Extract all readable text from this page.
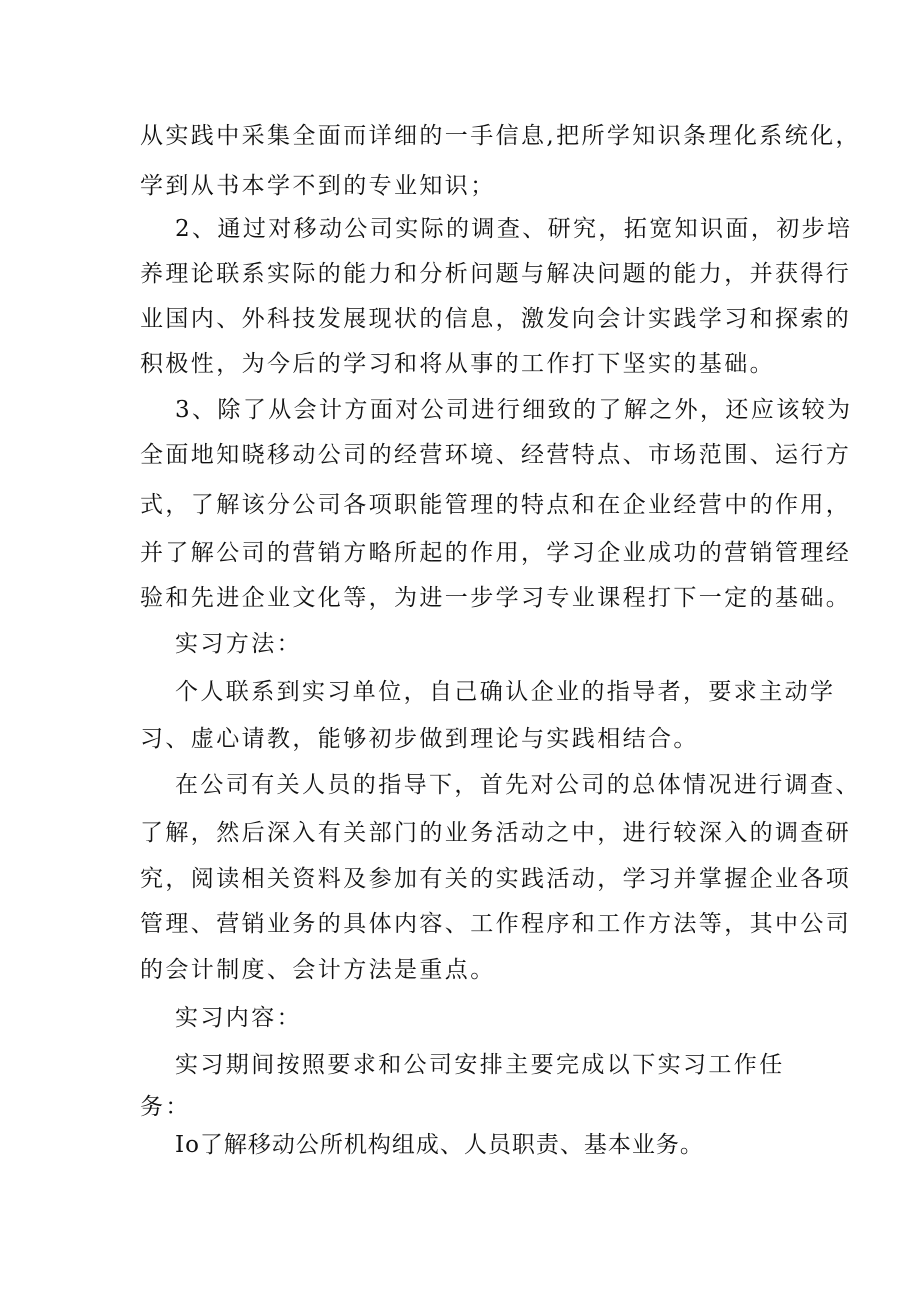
从实践中采集全面而详细的一手信息,把所学知识条理化系统化，
学到从书本学不到的专业知识；
2、通过对移动公司实际的调查、研究，拓宽知识面，初步培
养理论联系实际的能力和分析问题与解决问题的能力，并获得行
业国内、外科技发展现状的信息，激发向会计实践学习和探索的
积极性，为今后的学习和将从事的工作打下坚实的基础。
3、除了从会计方面对公司进行细致的了解之外，还应该较为
全面地知晓移动公司的经营环境、经营特点、市场范围、运行方
式，了解该分公司各项职能管理的特点和在企业经营中的作用，
并了解公司的营销方略所起的作用，学习企业成功的营销管理经
验和先进企业文化等，为进一步学习专业课程打下一定的基础。
实习方法：
个人联系到实习单位，自己确认企业的指导者，要求主动学
习、虚心请教，能够初步做到理论与实践相结合。
在公司有关人员的指导下，首先对公司的总体情况进行调查、
了解，然后深入有关部门的业务活动之中，进行较深入的调查研
究，阅读相关资料及参加有关的实践活动，学习并掌握企业各项
管理、营销业务的具体内容、工作程序和工作方法等，其中公司
的会计制度、会计方法是重点。
实习内容：
实习期间按照要求和公司安排主要完成以下实习工作任
务：
Io了解移动公所机构组成、人员职责、基本业务。
